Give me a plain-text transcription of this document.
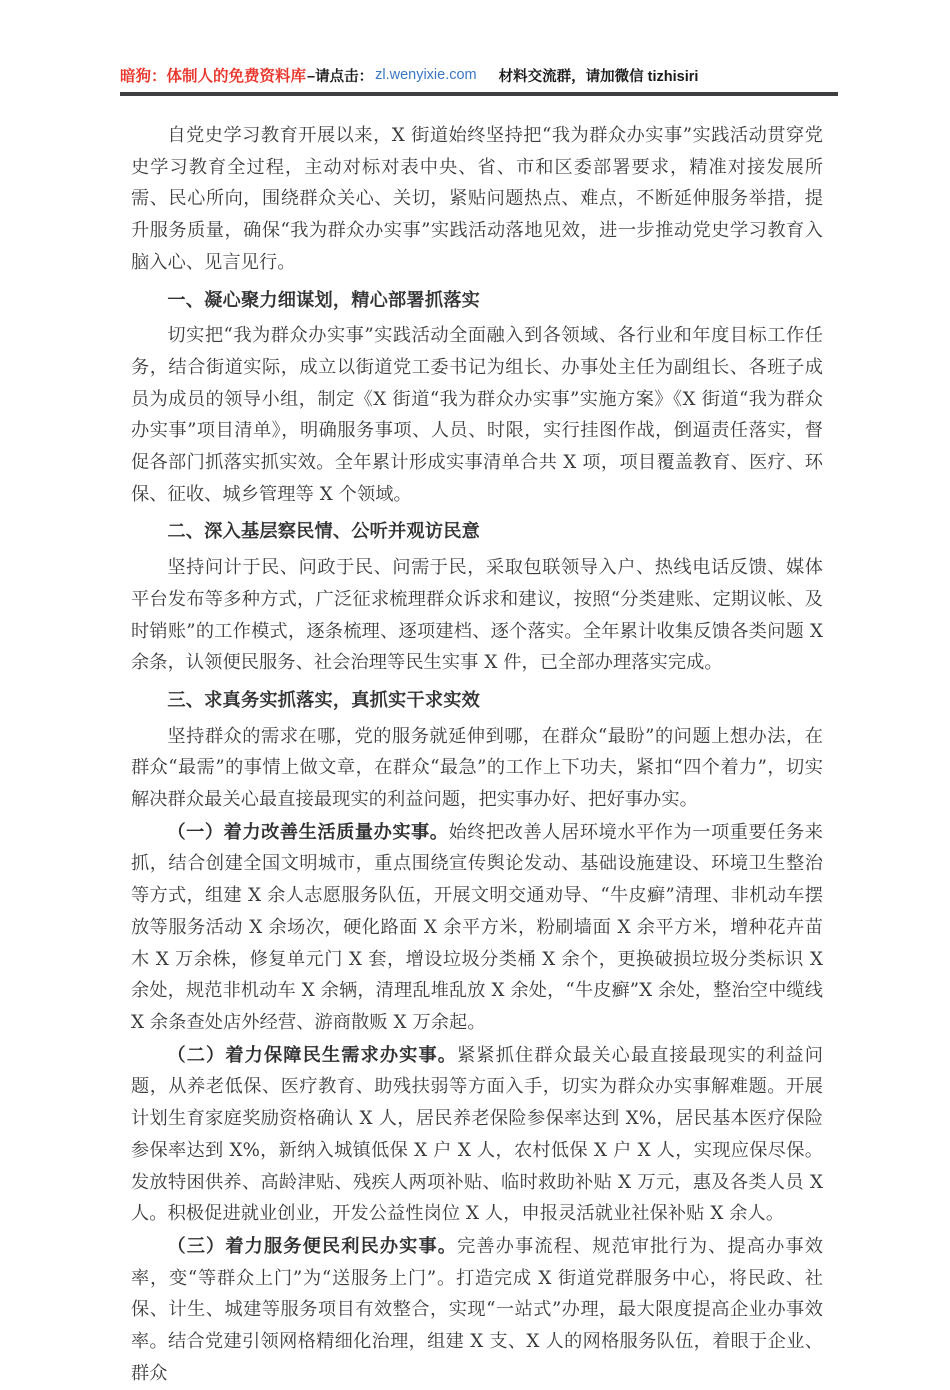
暗狗：体制人的免费资料库 –请点击： zl.wenyixie.com 材料交流群，请加微信 tizhisiri

自党史学习教育开展以来，X 街道始终坚持把“我为群众办实事”实践活动贯穿党史学习教育全过程，主动对标对表中央、省、市和区委部署要求，精准对接发展所需、民心所向，围绕群众关心、关切，紧贴问题热点、难点，不断延伸服务举措，提升服务质量，确保“我为群众办实事”实践活动落地见效，进一步推动党史学习教育入脑入心、见言见行。

一、凝心聚力细谋划，精心部署抓落实

切实把“我为群众办实事”实践活动全面融入到各领域、各行业和年度目标工作任务，结合街道实际，成立以街道党工委书记为组长、办事处主任为副组长、各班子成员为成员的领导小组，制定《X 街道“我为群众办实事”实施方案》《X 街道“我为群众办实事”项目清单》，明确服务事项、人员、时限，实行挂图作战，倒逼责任落实，督促各部门抓落实抓实效。全年累计形成实事清单合共 X 项，项目覆盖教育、医疗、环保、征收、城乡管理等 X 个领域。

二、深入基层察民情、公听并观访民意

坚持问计于民、问政于民、问需于民，采取包联领导入户、热线电话反馈、媒体平台发布等多种方式，广泛征求梳理群众诉求和建议，按照“分类建账、定期议帐、及时销账”的工作模式，逐条梳理、逐项建档、逐个落实。全年累计收集反馈各类问题 X 余条，认领便民服务、社会治理等民生实事 X 件，已全部办理落实完成。

三、求真务实抓落实，真抓实干求实效

坚持群众的需求在哪，党的服务就延伸到哪，在群众“最盼”的问题上想办法，在群众“最需”的事情上做文章，在群众“最急”的工作上下功夫，紧扣“四个着力”，切实解决群众最关心最直接最现实的利益问题，把实事办好、把好事办实。

（一）着力改善生活质量办实事。始终把改善人居环境水平作为一项重要任务来抓，结合创建全国文明城市，重点围绕宣传舆论发动、基础设施建设、环境卫生整治等方式，组建 X 余人志愿服务队伍，开展文明交通劝导、“牛皮癣”清理、非机动车摆放等服务活动 X 余场次，硬化路面 X 余平方米，粉刷墙面 X 余平方米，增种花卉苗木 X 万余株，修复单元门 X 套，增设垃圾分类桶 X 余个，更换破损垃圾分类标识 X 余处，规范非机动车 X 余辆，清理乱堆乱放 X 余处，“牛皮癣”X 余处，整治空中缆线 X 余条查处店外经营、游商散贩 X 万余起。

（二）着力保障民生需求办实事。紧紧抓住群众最关心最直接最现实的利益问题，从养老低保、医疗教育、助残扶弱等方面入手，切实为群众办实事解难题。开展计划生育家庭奖励资格确认 X 人，居民养老保险参保率达到 X%，居民基本医疗保险参保率达到 X%，新纳入城镇低保 X 户 X 人，农村低保 X 户 X 人，实现应保尽保。发放特困供养、高龄津贴、残疾人两项补贴、临时救助补贴 X 万元，惠及各类人员 X 人。积极促进就业创业，开发公益性岗位 X 人，申报灵活就业社保补贴 X 余人。

（三）着力服务便民利民办实事。完善办事流程、规范审批行为、提高办事效率，变“等群众上门”为“送服务上门”。打造完成 X 街道党群服务中心，将民政、社保、计生、城建等服务项目有效整合，实现“一站式”办理，最大限度提高企业办事效率。结合党建引领网格精细化治理，组建 X 支、X 人的网格服务队伍，着眼于企业、群众
